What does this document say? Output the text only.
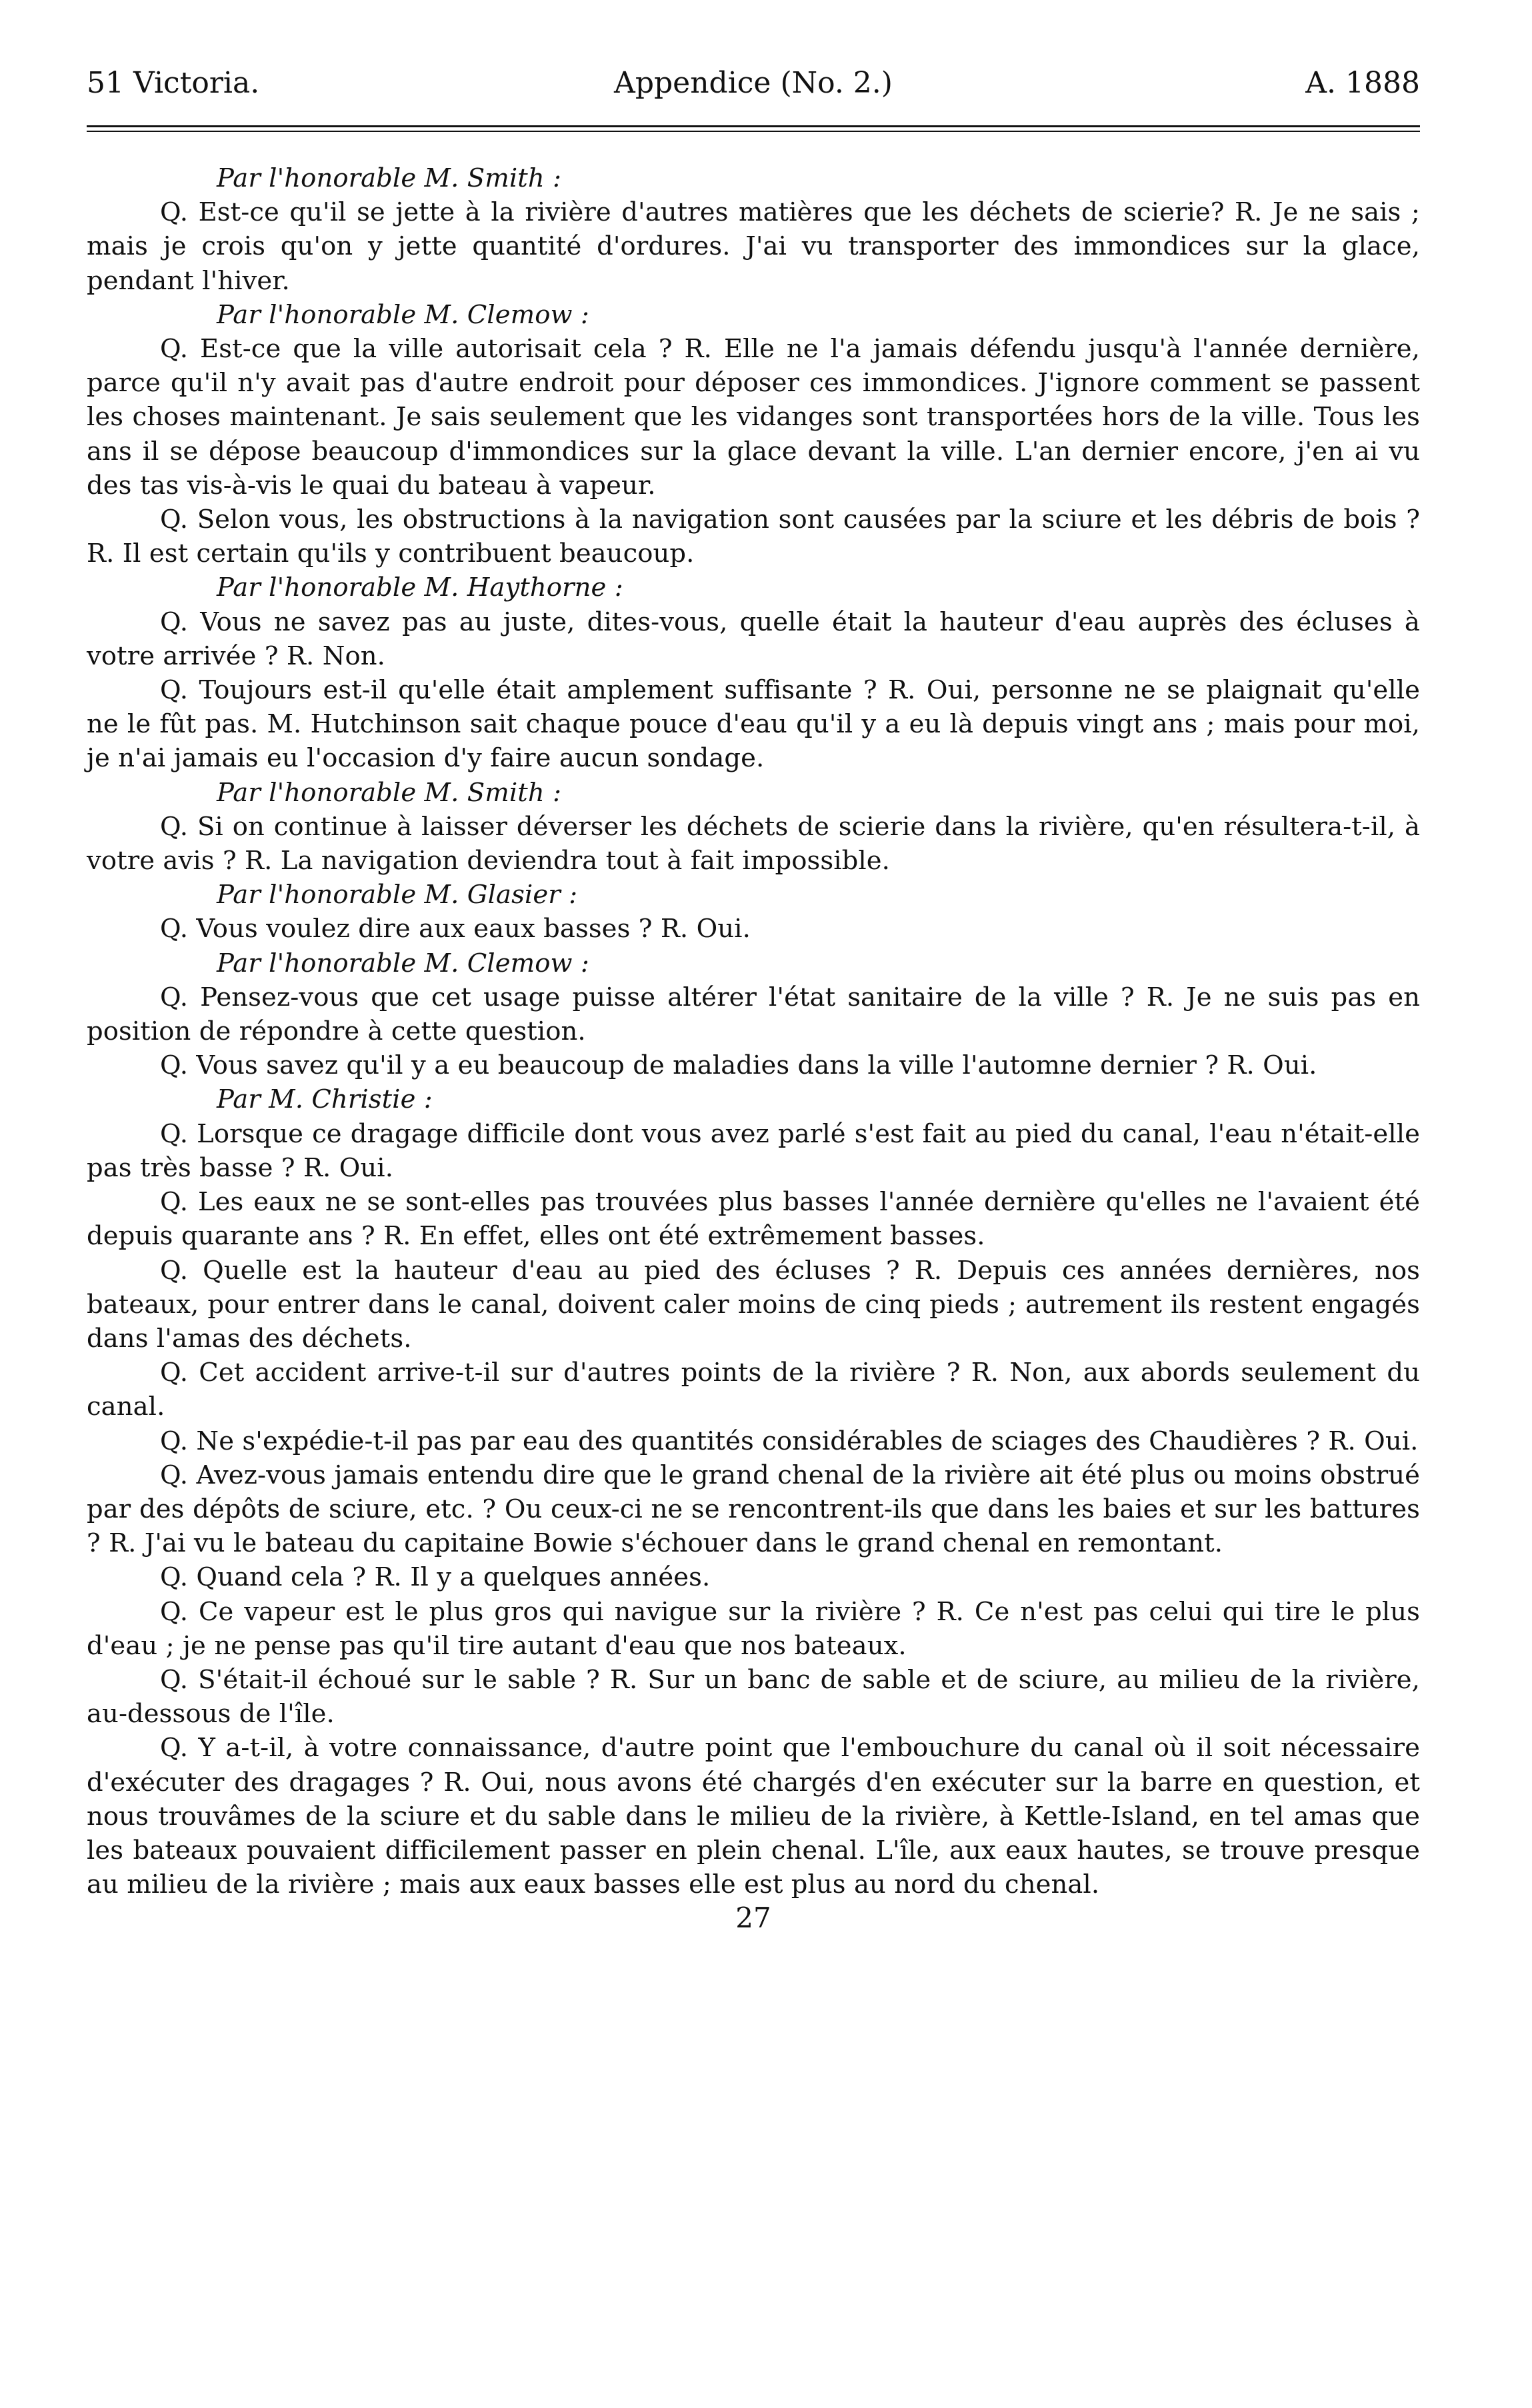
51 Victoria.	Appendice (No. 2.)	A. 1888

Par l'honorable M. Smith :

Q. Est-ce qu'il se jette à la rivière d'autres matières que les déchets de scierie? R. Je ne sais ; mais je crois qu'on y jette quantité d'ordures. J'ai vu transporter des immondices sur la glace, pendant l'hiver.

Par l'honorable M. Clemow :

Q. Est-ce que la ville autorisait cela ? R. Elle ne l'a jamais défendu jusqu'à l'année dernière, parce qu'il n'y avait pas d'autre endroit pour déposer ces immondices. J'ignore comment se passent les choses maintenant. Je sais seulement que les vidanges sont transportées hors de la ville. Tous les ans il se dépose beaucoup d'immondices sur la glace devant la ville. L'an dernier encore, j'en ai vu des tas vis-à-vis le quai du bateau à vapeur.

Q. Selon vous, les obstructions à la navigation sont causées par la sciure et les débris de bois ? R. Il est certain qu'ils y contribuent beaucoup.

Par l'honorable M. Haythorne :

Q. Vous ne savez pas au juste, dites-vous, quelle était la hauteur d'eau auprès des écluses à votre arrivée ? R. Non.

Q. Toujours est-il qu'elle était amplement suffisante ? R. Oui, personne ne se plaignait qu'elle ne le fût pas. M. Hutchinson sait chaque pouce d'eau qu'il y a eu là depuis vingt ans ; mais pour moi, je n'ai jamais eu l'occasion d'y faire aucun sondage.

Par l'honorable M. Smith :

Q. Si on continue à laisser déverser les déchets de scierie dans la rivière, qu'en résultera-t-il, à votre avis ? R. La navigation deviendra tout à fait impossible.

Par l'honorable M. Glasier :

Q. Vous voulez dire aux eaux basses ? R. Oui.

Par l'honorable M. Clemow :

Q. Pensez-vous que cet usage puisse altérer l'état sanitaire de la ville ? R. Je ne suis pas en position de répondre à cette question.

Q. Vous savez qu'il y a eu beaucoup de maladies dans la ville l'automne dernier ? R. Oui.

Par M. Christie :

Q. Lorsque ce dragage difficile dont vous avez parlé s'est fait au pied du canal, l'eau n'était-elle pas très basse ? R. Oui.

Q. Les eaux ne se sont-elles pas trouvées plus basses l'année dernière qu'elles ne l'avaient été depuis quarante ans ? R. En effet, elles ont été extrêmement basses.

Q. Quelle est la hauteur d'eau au pied des écluses ? R. Depuis ces années dernières, nos bateaux, pour entrer dans le canal, doivent caler moins de cinq pieds ; autrement ils restent engagés dans l'amas des déchets.

Q. Cet accident arrive-t-il sur d'autres points de la rivière ? R. Non, aux abords seulement du canal.

Q. Ne s'expédie-t-il pas par eau des quantités considérables de sciages des Chaudières ? R. Oui.

Q. Avez-vous jamais entendu dire que le grand chenal de la rivière ait été plus ou moins obstrué par des dépôts de sciure, etc. ? Ou ceux-ci ne se rencontrent-ils que dans les baies et sur les battures ? R. J'ai vu le bateau du capitaine Bowie s'échouer dans le grand chenal en remontant.

Q. Quand cela ? R. Il y a quelques années.

Q. Ce vapeur est le plus gros qui navigue sur la rivière ? R. Ce n'est pas celui qui tire le plus d'eau ; je ne pense pas qu'il tire autant d'eau que nos bateaux.

Q. S'était-il échoué sur le sable ? R. Sur un banc de sable et de sciure, au milieu de la rivière, au-dessous de l'île.

Q. Y a-t-il, à votre connaissance, d'autre point que l'embouchure du canal où il soit nécessaire d'exécuter des dragages ? R. Oui, nous avons été chargés d'en exécuter sur la barre en question, et nous trouvâmes de la sciure et du sable dans le milieu de la rivière, à Kettle-Island, en tel amas que les bateaux pouvaient difficilement passer en plein chenal. L'île, aux eaux hautes, se trouve presque au milieu de la rivière ; mais aux eaux basses elle est plus au nord du chenal.

27
